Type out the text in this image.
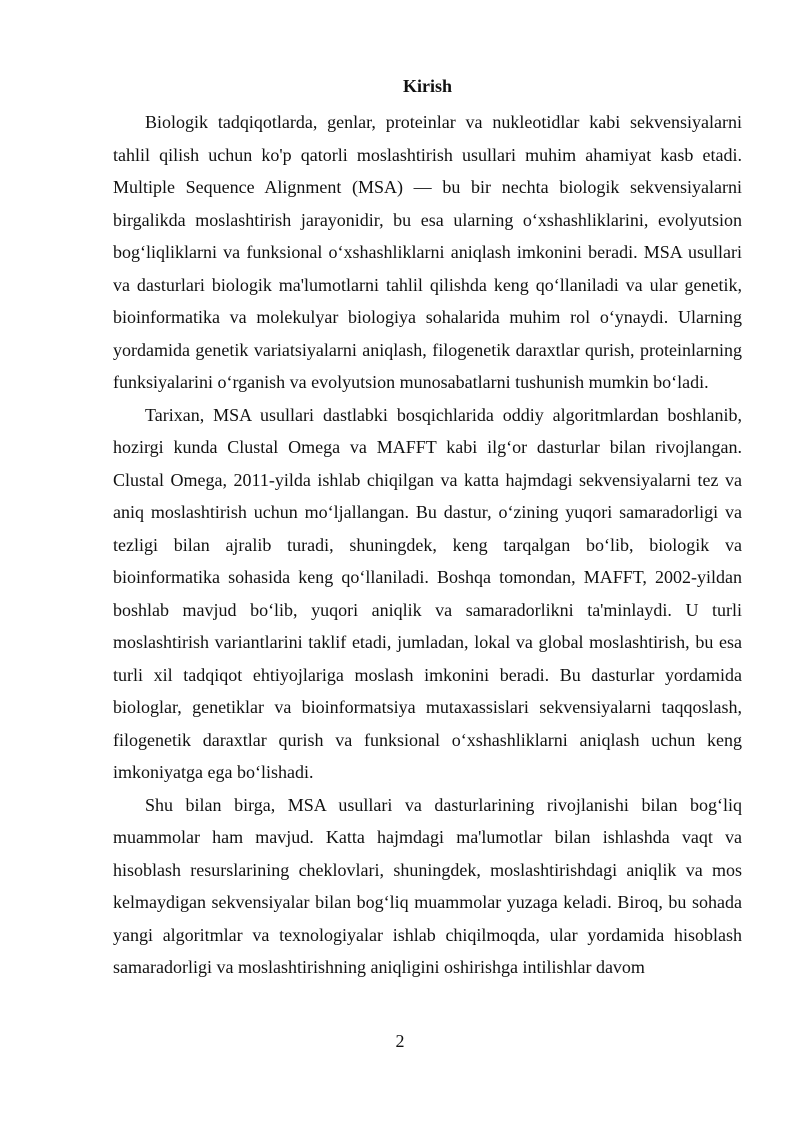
Kirish

Biologik tadqiqotlarda, genlar, proteinlar va nukleotidlar kabi sekvensiyalarni tahlil qilish uchun ko'p qatorli moslashtirish usullari muhim ahamiyat kasb etadi. Multiple Sequence Alignment (MSA) — bu bir nechta biologik sekvensiyalarni birgalikda moslashtirish jarayonidir, bu esa ularning o‘xshashliklarini, evolyutsion bog‘liqliklarni va funksional o‘xshashliklarni aniqlash imkonini beradi. MSA usullari va dasturlari biologik ma'lumotlarni tahlil qilishda keng qo‘llaniladi va ular genetik, bioinformatika va molekulyar biologiya sohalarida muhim rol o‘ynaydi. Ularning yordamida genetik variatsiyalarni aniqlash, filogenetik daraxtlar qurish, proteinlarning funksiyalarini o‘rganish va evolyutsion munosabatlarni tushunish mumkin bo‘ladi.

Tarixan, MSA usullari dastlabki bosqichlarida oddiy algoritmlardan boshlanib, hozirgi kunda Clustal Omega va MAFFT kabi ilg‘or dasturlar bilan rivojlangan. Clustal Omega, 2011-yilda ishlab chiqilgan va katta hajmdagi sekvensiyalarni tez va aniq moslashtirish uchun mo‘ljallangan. Bu dastur, o‘zining yuqori samaradorligi va tezligi bilan ajralib turadi, shuningdek, keng tarqalgan bo‘lib, biologik va bioinformatika sohasida keng qo‘llaniladi. Boshqa tomondan, MAFFT, 2002-yildan boshlab mavjud bo‘lib, yuqori aniqlik va samaradorlikni ta'minlaydi. U turli moslashtirish variantlarini taklif etadi, jumladan, lokal va global moslashtirish, bu esa turli xil tadqiqot ehtiyojlariga moslash imkonini beradi. Bu dasturlar yordamida biologlar, genetiklar va bioinformatsiya mutaxassislari sekvensiyalarni taqqoslash, filogenetik daraxtlar qurish va funksional o‘xshashliklarni aniqlash uchun keng imkoniyatga ega bo‘lishadi.

Shu bilan birga, MSA usullari va dasturlarining rivojlanishi bilan bog‘liq muammolar ham mavjud. Katta hajmdagi ma'lumotlar bilan ishlashda vaqt va hisoblash resurslarining cheklovlari, shuningdek, moslashtirishdagi aniqlik va mos kelmaydigan sekvensiyalar bilan bog‘liq muammolar yuzaga keladi. Biroq, bu sohada yangi algoritmlar va texnologiyalar ishlab chiqilmoqda, ular yordamida hisoblash samaradorligi va moslashtirishning aniqligini oshirishga intilishlar davom

2
